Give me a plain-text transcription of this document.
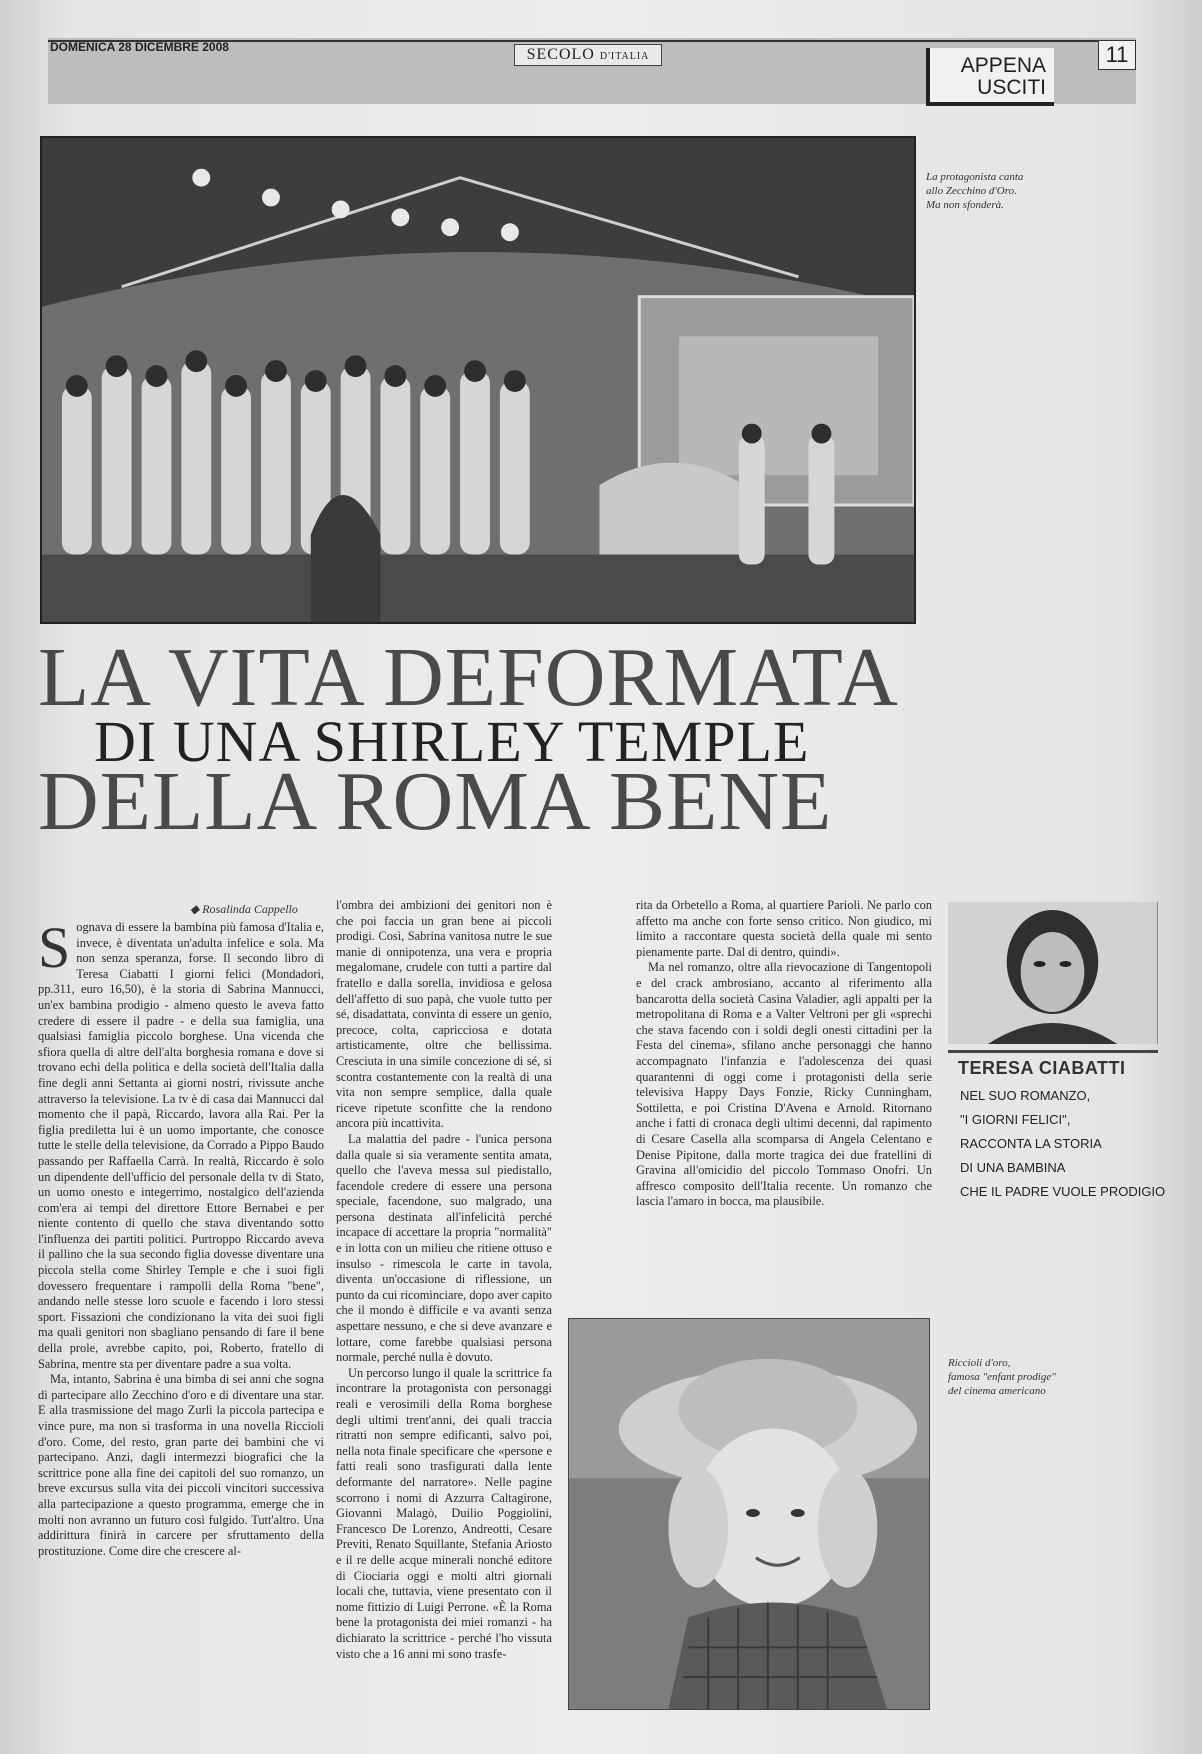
DOMENICA 28 DICEMBRE 2008	SECOLO D'ITALIA	APPENA
USCITI
11
La protagonista canta
allo Zecchino d'Oro.
Ma non sfonderà.
LA VITA DEFORMATA
DI UNA SHIRLEY TEMPLE
DELLA ROMA BENE
◆ Rosalinda Cappello

Sognava di essere la bambina più famosa d'Italia e, invece, è diventata un'adulta infelice e sola. Ma non senza speranza, forse. Il secondo libro di Teresa Ciabatti I giorni felici (Mondadori, pp.311, euro 16,50), è la storia di Sabrina Mannucci, un'ex bambina prodigio - almeno questo le aveva fatto credere di essere il padre - e della sua famiglia, una qualsiasi famiglia piccolo borghese. Una vicenda che sfiora quella di altre dell'alta borghesia romana e dove si trovano echi della politica e della società dell'Italia dalla fine degli anni Settanta ai giorni nostri, rivissute anche attraverso la televisione. La tv è di casa dai Mannucci dal momento che il papà, Riccardo, lavora alla Rai. Per la figlia prediletta lui è un uomo importante, che conosce tutte le stelle della televisione, da Corrado a Pippo Baudo passando per Raffaella Carrà. In realtà, Riccardo è solo un dipendente dell'ufficio del personale della tv di Stato, un uomo onesto e integerrimo, nostalgico dell'azienda com'era ai tempi del direttore Ettore Bernabei e per niente contento di quello che stava diventando sotto l'influenza dei partiti politici. Purtroppo Riccardo aveva il pallino che la sua secondo figlia dovesse diventare una piccola stella come Shirley Temple e che i suoi figli dovessero frequentare i rampolli della Roma "bene", andando nelle stesse loro scuole e facendo i loro stessi sport. Fissazioni che condizionano la vita dei suoi figli ma quali genitori non sbagliano pensando di fare il bene della prole, avrebbe capito, poi, Roberto, fratello di Sabrina, mentre sta per diventare padre a sua volta.

Ma, intanto, Sabrina è una bimba di sei anni che sogna di partecipare allo Zecchino d'oro e di diventare una star. E alla trasmissione del mago Zurlì la piccola partecipa e vince pure, ma non si trasforma in una novella Riccioli d'oro. Come, del resto, gran parte dei bambini che vi partecipano. Anzi, dagli intermezzi biografici che la scrittrice pone alla fine dei capitoli del suo romanzo, un breve excursus sulla vita dei piccoli vincitori successiva alla partecipazione a questo programma, emerge che in molti non avranno un futuro così fulgido. Tutt'altro. Una addirittura finirà in carcere per sfruttamento della prostituzione. Come dire che crescere al-

l'ombra dei ambizioni dei genitori non è che poi faccia un gran bene ai piccoli prodigi. Così, Sabrina vanitosa nutre le sue manie di onnipotenza, una vera e propria megalomane, crudele con tutti a partire dal fratello e dalla sorella, invidiosa e gelosa dell'affetto di suo papà, che vuole tutto per sé, disadattata, convinta di essere un genio, precoce, colta, capricciosa e dotata artisticamente, oltre che bellissima. Cresciuta in una simile concezione di sé, si scontra costantemente con la realtà di una vita non sempre semplice, dalla quale riceve ripetute sconfitte che la rendono ancora più incattivita.

La malattia del padre - l'unica persona dalla quale si sia veramente sentita amata, quello che l'aveva messa sul piedistallo, facendole credere di essere una persona speciale, facendone, suo malgrado, una persona destinata all'infelicità perché incapace di accettare la propria "normalità" e in lotta con un milieu che ritiene ottuso e insulso - rimescola le carte in tavola, diventa un'occasione di riflessione, un punto da cui ricominciare, dopo aver capito che il mondo è difficile e va avanti senza aspettare nessuno, e che si deve avanzare e lottare, come farebbe qualsiasi persona normale, perché nulla è dovuto.

Un percorso lungo il quale la scrittrice fa incontrare la protagonista con personaggi reali e verosimili della Roma borghese degli ultimi trent'anni, dei quali traccia ritratti non sempre edificanti, salvo poi, nella nota finale specificare che «persone e fatti reali sono trasfigurati dalla lente deformante del narratore». Nelle pagine scorrono i nomi di Azzurra Caltagirone, Giovanni Malagò, Duilio Poggiolini, Francesco De Lorenzo, Andreotti, Cesare Previti, Renato Squillante, Stefania Ariosto e il re delle acque minerali nonché editore di Ciociaria oggi e molti altri giornali locali che, tuttavia, viene presentato con il nome fittizio di Luigi Perrone. «È la Roma bene la protagonista dei miei romanzi - ha dichiarato la scrittrice - perché l'ho vissuta visto che a 16 anni mi sono trasfe-

rita da Orbetello a Roma, al quartiere Parioli. Ne parlo con affetto ma anche con forte senso critico. Non giudico, mi limito a raccontare questa società della quale mi sento pienamente parte. Dal di dentro, quindi».

Ma nel romanzo, oltre alla rievocazione di Tangentopoli e del crack ambrosiano, accanto al riferimento alla bancarotta della società Casina Valadier, agli appalti per la metropolitana di Roma e a Valter Veltroni per gli «sprechi che stava facendo con i soldi degli onesti cittadini per la Festa del cinema», sfilano anche personaggi che hanno accompagnato l'infanzia e l'adolescenza dei quasi quarantenni di oggi come i protagonisti della serie televisiva Happy Days Fonzie, Ricky Cunningham, Sottiletta, e poi Cristina D'Avena e Arnold. Ritornano anche i fatti di cronaca degli ultimi decenni, dal rapimento di Cesare Casella alla scomparsa di Angela Celentano e Denise Pipitone, dalla morte tragica dei due fratellini di Gravina all'omicidio del piccolo Tommaso Onofri. Un affresco composito dell'Italia recente. Un romanzo che lascia l'amaro in bocca, ma plausibile.

TERESA CIABATTI
NEL SUO ROMANZO,
"I GIORNI FELICI",
RACCONTA LA STORIA
DI UNA BAMBINA
CHE IL PADRE VUOLE PRODIGIO
Riccioli d'oro,
famosa "enfant prodige"
del cinema americano
